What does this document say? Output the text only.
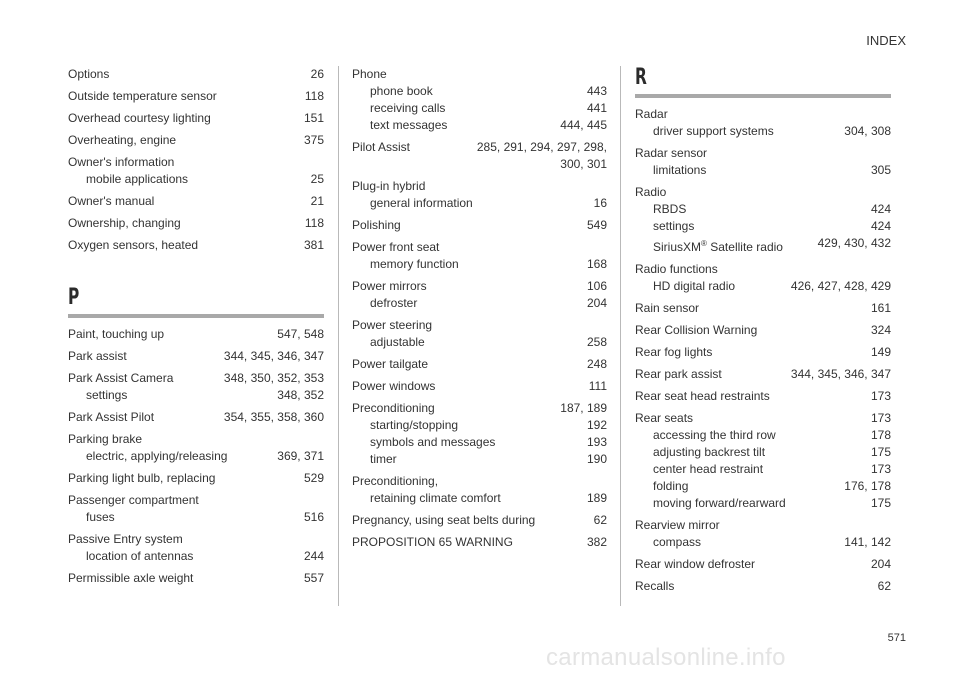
INDEX
Options	26
Outside temperature sensor	118
Overhead courtesy lighting	151
Overheating, engine	375
Owner's information
mobile applications	25
Owner's manual	21
Ownership, changing	118
Oxygen sensors, heated	381
P
Paint, touching up	547, 548
Park assist	344, 345, 346, 347
Park Assist Camera	348, 350, 352, 353
settings	348, 352
Park Assist Pilot	354, 355, 358, 360
Parking brake
electric, applying/releasing	369, 371
Parking light bulb, replacing	529
Passenger compartment
fuses	516
Passive Entry system
location of antennas	244
Permissible axle weight	557
Phone
phone book	443
receiving calls	441
text messages	444, 445
Pilot Assist	285, 291, 294, 297, 298, 300, 301
Plug-in hybrid
general information	16
Polishing	549
Power front seat
memory function	168
Power mirrors	106
defroster	204
Power steering
adjustable	258
Power tailgate	248
Power windows	111
Preconditioning	187, 189
starting/stopping	192
symbols and messages	193
timer	190
Preconditioning,
retaining climate comfort	189
Pregnancy, using seat belts during	62
PROPOSITION 65 WARNING	382
R
Radar
driver support systems	304, 308
Radar sensor
limitations	305
Radio
RBDS	424
settings	424
SiriusXM® Satellite radio	429, 430, 432
Radio functions
HD digital radio	426, 427, 428, 429
Rain sensor	161
Rear Collision Warning	324
Rear fog lights	149
Rear park assist	344, 345, 346, 347
Rear seat head restraints	173
Rear seats	173
accessing the third row	178
adjusting backrest tilt	175
center head restraint	173
folding	176, 178
moving forward/rearward	175
Rearview mirror
compass	141, 142
Rear window defroster	204
Recalls	62
571
carmanualsonline.info
